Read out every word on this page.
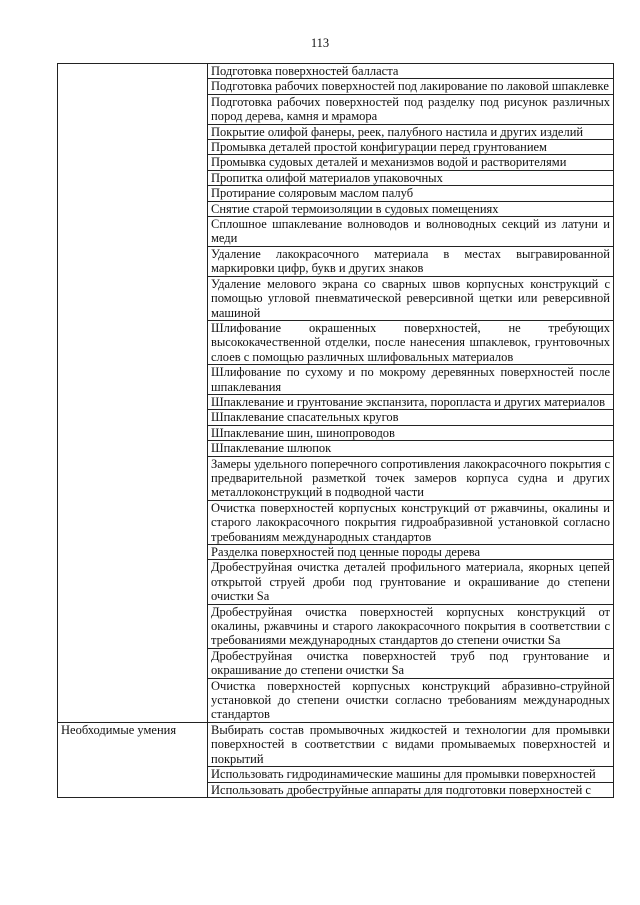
113
	Подготовка поверхностей балласта
	Подготовка рабочих поверхностей под лакирование по лаковой шпаклевке
	Подготовка рабочих поверхностей под разделку под рисунок различных пород дерева, камня и мрамора
	Покрытие олифой фанеры, реек, палубного настила и других изделий
	Промывка деталей простой конфигурации перед грунтованием
	Промывка судовых деталей и механизмов водой и растворителями
	Пропитка олифой материалов упаковочных
	Протирание соляровым маслом палуб
	Снятие старой термоизоляции в судовых помещениях
	Сплошное шпаклевание волноводов и волноводных секций из латуни и меди
	Удаление лакокрасочного материала в местах выгравированной маркировки цифр, букв и других знаков
	Удаление мелового экрана со сварных швов корпусных конструкций с помощью угловой пневматической реверсивной щетки или реверсивной машиной
	Шлифование окрашенных поверхностей, не требующих высококачественной отделки, после нанесения шпаклевок, грунтовочных слоев с помощью различных шлифовальных материалов
	Шлифование по сухому и по мокрому деревянных поверхностей после шпаклевания
	Шпаклевание и грунтование экспанзита, поропласта и других материалов
	Шпаклевание спасательных кругов
	Шпаклевание шин, шинопроводов
	Шпаклевание шлюпок
	Замеры удельного поперечного сопротивления лакокрасочного покрытия с предварительной разметкой точек замеров корпуса судна и других металлоконструкций в подводной части
	Очистка поверхностей корпусных конструкций от ржавчины, окалины и старого лакокрасочного покрытия гидроабразивной установкой согласно требованиям международных стандартов
	Разделка поверхностей под ценные породы дерева
	Дробеструйная очистка деталей профильного материала, якорных цепей открытой струей дроби под грунтование и окрашивание до степени очистки Sa
	Дробеструйная очистка поверхностей корпусных конструкций от окалины, ржавчины и старого лакокрасочного покрытия в соответствии с требованиями международных стандартов до степени очистки Sa
	Дробеструйная очистка поверхностей труб под грунтование и окрашивание до степени очистки Sa
	Очистка поверхностей корпусных конструкций абразивно-струйной установкой до степени очистки согласно требованиям международных стандартов
Необходимые умения	Выбирать состав промывочных жидкостей и технологии для промывки поверхностей в соответствии с видами промываемых поверхностей и покрытий
	Использовать гидродинамические машины для промывки поверхностей
	Использовать дробеструйные аппараты для подготовки поверхностей с
